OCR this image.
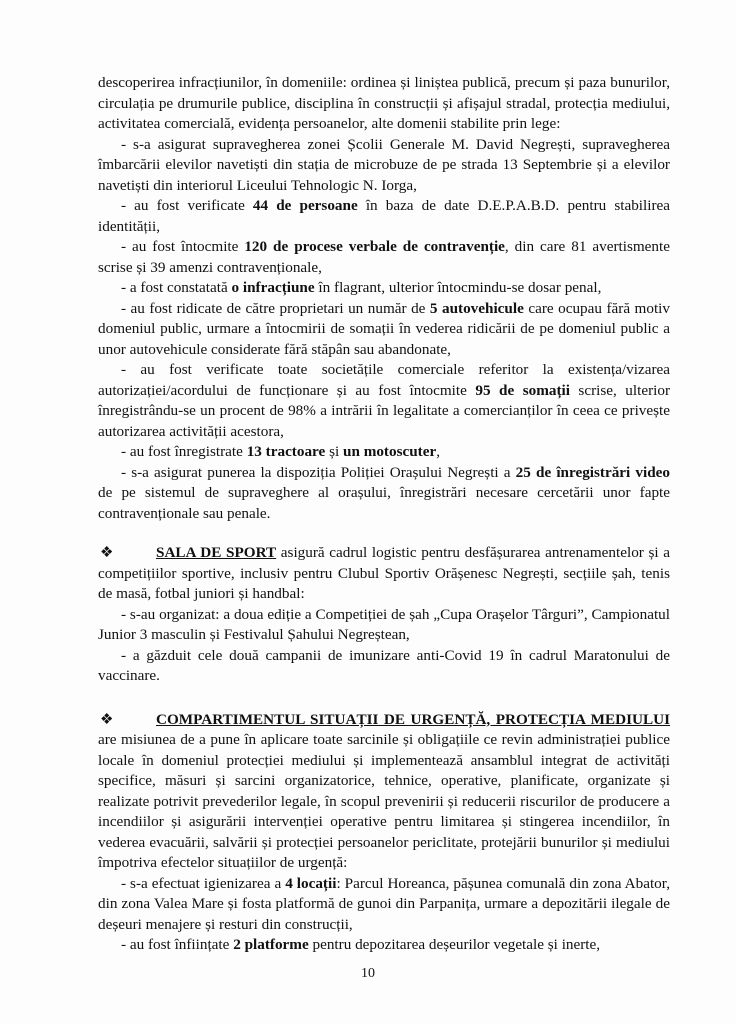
descoperirea infracțiunilor, în domeniile: ordinea și liniștea publică, precum și paza bunurilor, circulația pe drumurile publice, disciplina în construcții și afișajul stradal, protecția mediului, activitatea comercială, evidența persoanelor, alte domenii stabilite prin lege:

- s-a asigurat supravegherea zonei Școlii Generale M. David Negrești, supravegherea îmbarcării elevilor navetiști din stația de microbuze de pe strada 13 Septembrie și a elevilor navetiști din interiorul Liceului Tehnologic N. Iorga,

- au fost verificate 44 de persoane în baza de date D.E.P.A.B.D. pentru stabilirea identității,

- au fost întocmite 120 de procese verbale de contravenție, din care 81 avertismente scrise și 39 amenzi contravenționale,

- a fost constatată o infracțiune în flagrant, ulterior întocmindu-se dosar penal,

- au fost ridicate de către proprietari un număr de 5 autovehicule care ocupau fără motiv domeniul public, urmare a întocmirii de somații în vederea ridicării de pe domeniul public a unor autovehicule considerate fără stăpân sau abandonate,

- au fost verificate toate societățile comerciale referitor la existența/vizarea autorizației/acordului de funcționare și au fost întocmite 95 de somații scrise, ulterior înregistrându-se un procent de 98% a intrării în legalitate a comercianților în ceea ce privește autorizarea activității acestora,

- au fost înregistrate 13 tractoare și un motoscuter,

- s-a asigurat punerea la dispoziția Poliției Orașului Negrești a 25 de înregistrări video de pe sistemul de supraveghere al orașului, înregistrări necesare cercetării unor fapte contravenționale sau penale.

❖	SALA DE SPORT asigură cadrul logistic pentru desfășurarea antrenamentelor și a competițiilor sportive, inclusiv pentru Clubul Sportiv Orășenesc Negrești, secțiile șah, tenis de masă, fotbal juniori și handbal:

- s-au organizat: a doua ediție a Competiției de șah „Cupa Orașelor Târguri”, Campionatul Junior 3 masculin și Festivalul Șahului Negreștean,

- a găzduit cele două campanii de imunizare anti-Covid 19 în cadrul Maratonului de vaccinare.

❖	COMPARTIMENTUL SITUAȚII DE URGENȚĂ, PROTECȚIA MEDIULUI are misiunea de a pune în aplicare toate sarcinile și obligațiile ce revin administrației publice locale în domeniul protecției mediului și implementează ansamblul integrat de activități specifice, măsuri și sarcini organizatorice, tehnice, operative, planificate, organizate și realizate potrivit prevederilor legale, în scopul prevenirii și reducerii riscurilor de producere a incendiilor și asigurării intervenției operative pentru limitarea și stingerea incendiilor, în vederea evacuării, salvării și protecției persoanelor periclitate, protejării bunurilor și mediului împotriva efectelor situațiilor de urgență:

- s-a efectuat igienizarea a 4 locații: Parcul Horeanca, pășunea comunală din zona Abator, din zona Valea Mare și fosta platformă de gunoi din Parpanița, urmare a depozitării ilegale de deșeuri menajere și resturi din construcții,

- au fost înființate 2 platforme pentru depozitarea deșeurilor vegetale și inerte,

10
